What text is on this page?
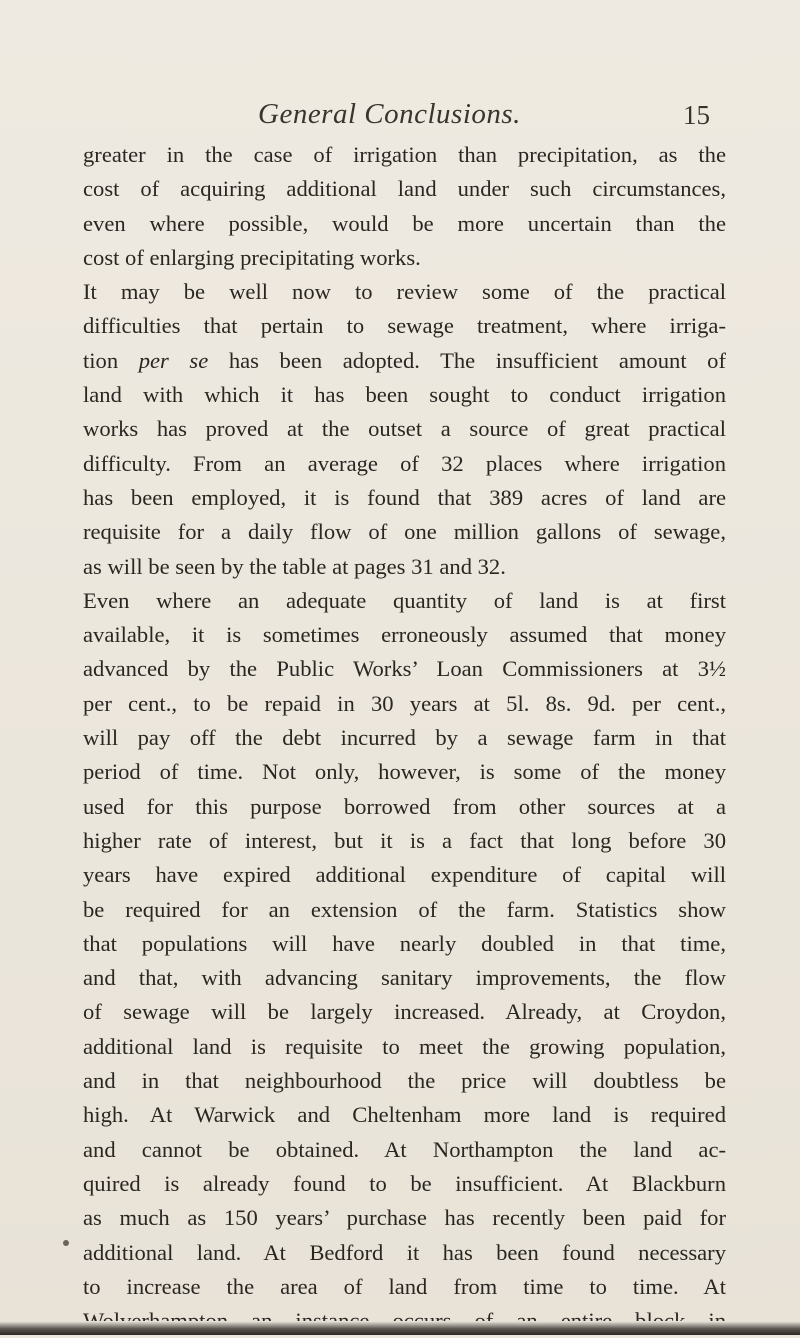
General Conclusions.	15
greater in the case of irrigation than precipitation, as the
cost of acquiring additional land under such circumstances,
even where possible, would be more uncertain than the
cost of enlarging precipitating works.
It may be well now to review some of the practical
difficulties that pertain to sewage treatment, where irriga-
tion per se has been adopted. The insufficient amount of
land with which it has been sought to conduct irrigation
works has proved at the outset a source of great practical
difficulty. From an average of 32 places where irrigation
has been employed, it is found that 389 acres of land are
requisite for a daily flow of one million gallons of sewage,
as will be seen by the table at pages 31 and 32.
Even where an adequate quantity of land is at first
available, it is sometimes erroneously assumed that money
advanced by the Public Works’ Loan Commissioners at 3½
per cent., to be repaid in 30 years at 5l. 8s. 9d. per cent.,
will pay off the debt incurred by a sewage farm in that
period of time. Not only, however, is some of the money
used for this purpose borrowed from other sources at a
higher rate of interest, but it is a fact that long before 30
years have expired additional expenditure of capital will
be required for an extension of the farm. Statistics show
that populations will have nearly doubled in that time,
and that, with advancing sanitary improvements, the flow
of sewage will be largely increased. Already, at Croydon,
additional land is requisite to meet the growing population,
and in that neighbourhood the price will doubtless be
high. At Warwick and Cheltenham more land is required
and cannot be obtained. At Northampton the land ac-
quired is already found to be insufficient. At Blackburn
as much as 150 years’ purchase has recently been paid for
additional land. At Bedford it has been found necessary
to increase the area of land from time to time. At
